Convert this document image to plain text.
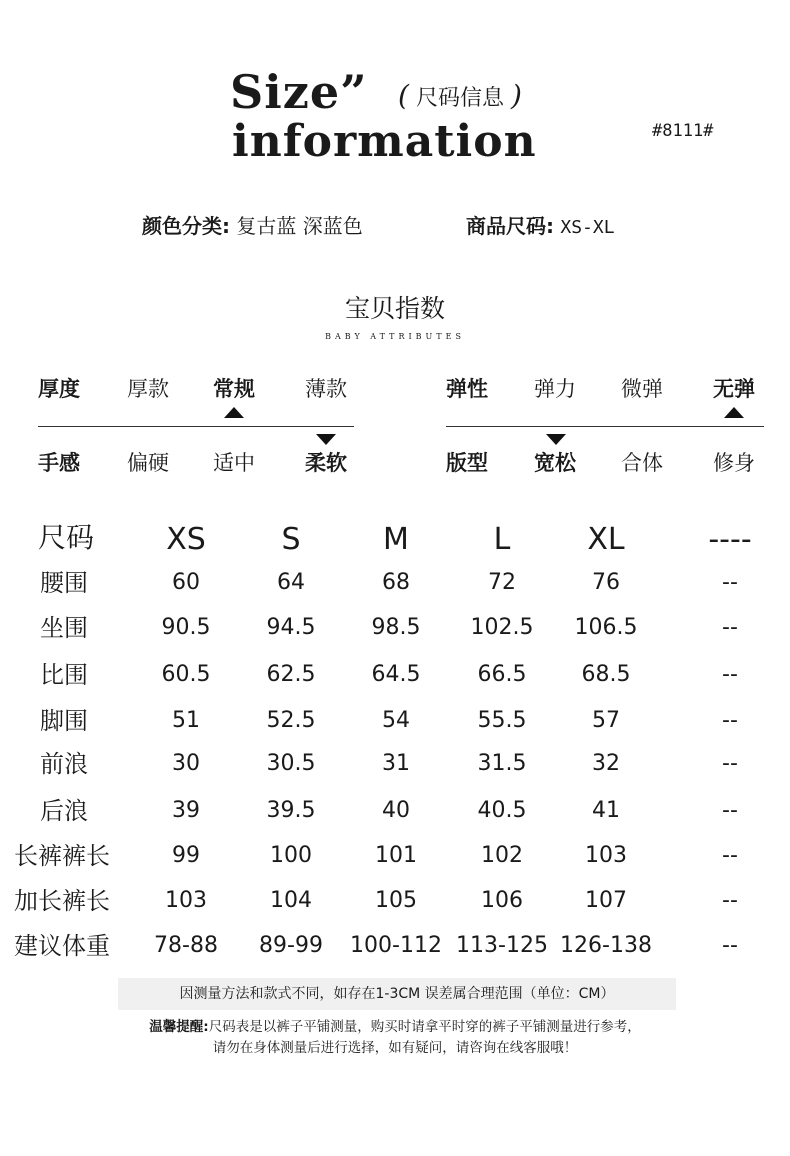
Size”
information
( 尺码信息 )
#8111#
颜色分类: 复古蓝 深蓝色	商品尺码: XS-XL
宝贝指数
BABY ATTRIBUTES
厚度	厚款	常规	薄款	弹性	弹力	微弹	无弹
手感	偏硬	适中	柔软	版型	宽松	合体	修身
尺码	XS	S	M	L	XL	----
腰围	60	64	68	72	76	--
坐围	90.5	94.5	98.5	102.5	106.5	--
比围	60.5	62.5	64.5	66.5	68.5	--
脚围	51	52.5	54	55.5	57	--
前浪	30	30.5	31	31.5	32	--
后浪	39	39.5	40	40.5	41	--
长裤裤长	99	100	101	102	103	--
加长裤长	103	104	105	106	107	--
建议体重	78-88	89-99	100-112 113-125 126-138	--
因测量方法和款式不同，如存在1-3CM 误差属合理范围（单位：CM）
温馨提醒:尺码表是以裤子平铺测量，购买时请拿平时穿的裤子平铺测量进行参考，
请勿在身体测量后进行选择，如有疑问，请咨询在线客服哦！
